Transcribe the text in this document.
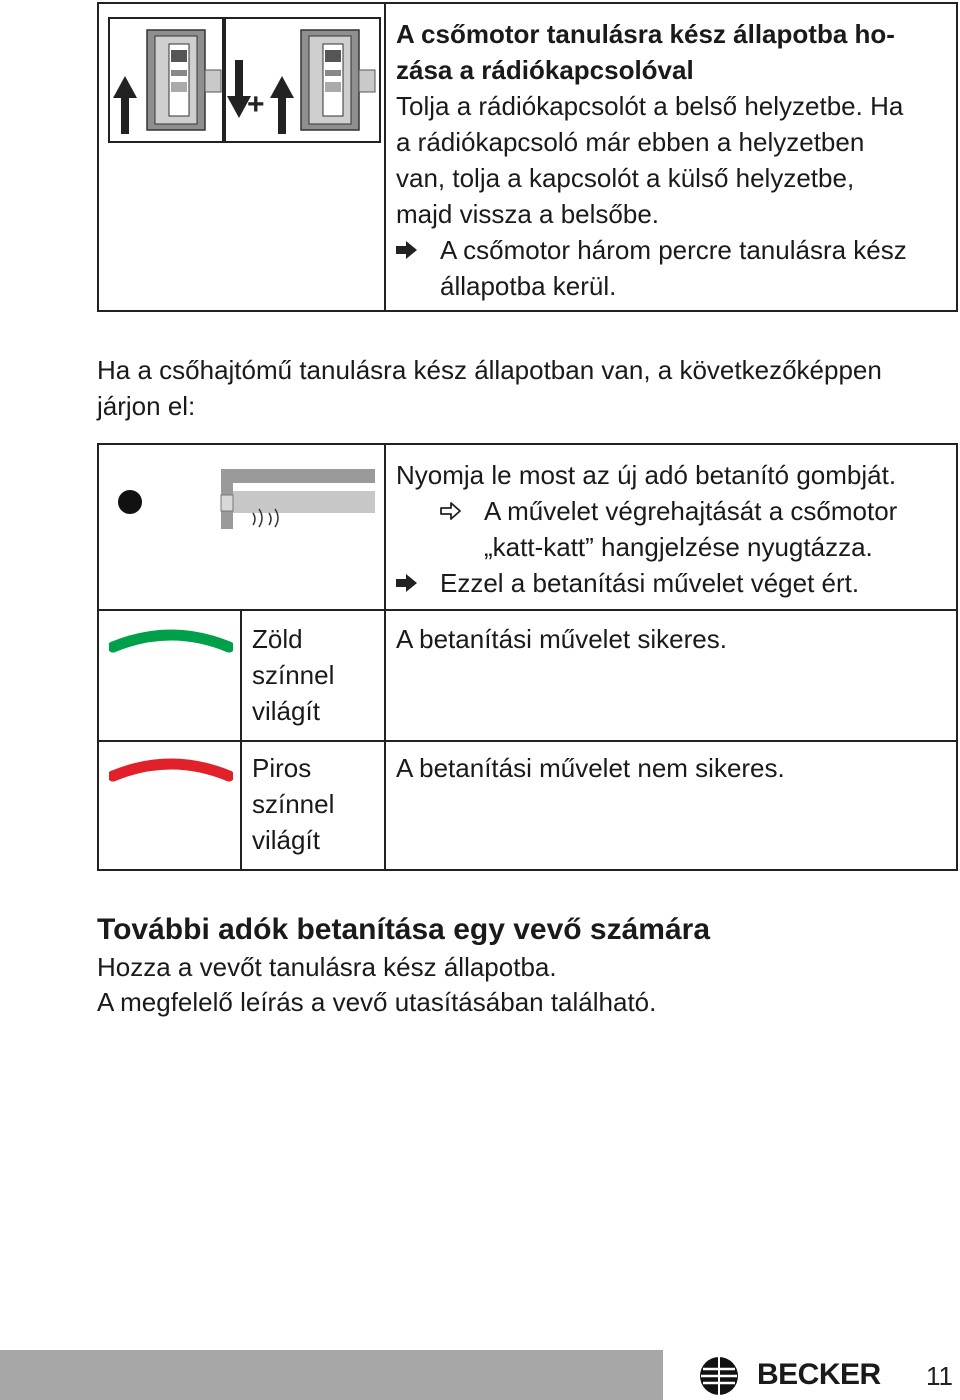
+
A csőmotor tanulásra kész állapotba ho-
zása a rádiókapcsolóval
Tolja a rádiókapcsolót a belső helyzetbe. Ha
a rádiókapcsoló már ebben a helyzetben
van, tolja a kapcsolót a külső helyzetbe,
majd vissza a belsőbe.
A csőmotor három percre tanulásra kész
állapotba kerül.
Ha a csőhajtómű tanulásra kész állapotban van, a következőképpen
járjon el:
Nyomja le most az új adó betanító gombját.
A művelet végrehajtását a csőmotor
„katt-katt” hangjelzése nyugtázza.
Ezzel a betanítási művelet véget ért.
Zöld
színnel
világít
A betanítási művelet sikeres.
Piros
színnel
világít
A betanítási művelet nem sikeres.
További adók betanítása egy vevő számára
Hozza a vevőt tanulásra kész állapotba.
A megfelelő leírás a vevő utasításában található.
BECKER 11
